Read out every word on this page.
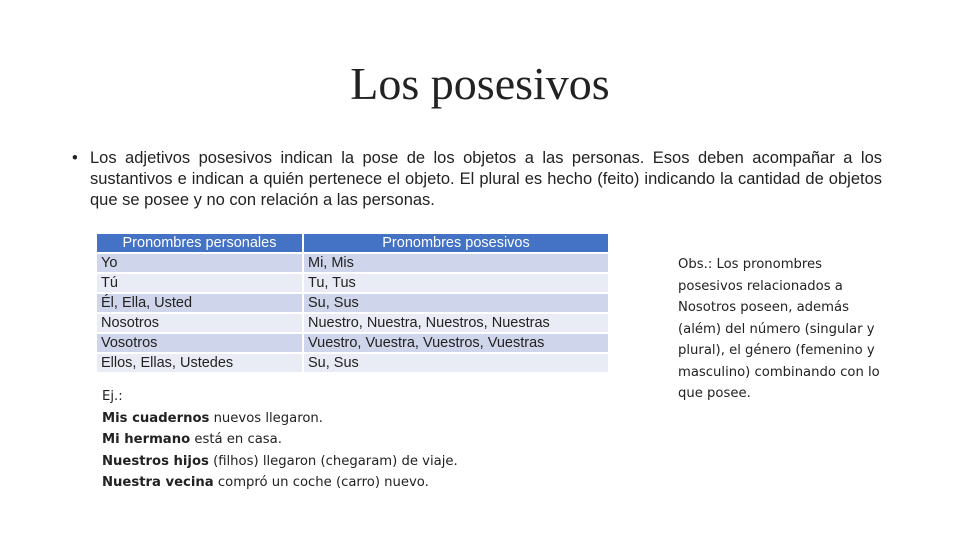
Los posesivos
• Los adjetivos posesivos indican la pose de los objetos a las personas. Esos deben acompañar a los sustantivos e indican a quién pertenece el objeto. El plural es hecho (feito) indicando la cantidad de objetos que se posee y no con relación a las personas.
Pronombres personales	Pronombres posesivos
Yo	Mi, Mis
Tú	Tu, Tus
Él, Ella, Usted	Su, Sus
Nosotros	Nuestro, Nuestra, Nuestros, Nuestras
Vosotros	Vuestro, Vuestra, Vuestros, Vuestras
Ellos, Ellas, Ustedes	Su, Sus
Ej.:
Mis cuadernos nuevos llegaron.
Mi hermano está en casa.
Nuestros hijos (filhos) llegaron (chegaram) de viaje.
Nuestra vecina compró un coche (carro) nuevo.
Obs.: Los pronombres posesivos relacionados a Nosotros poseen, además (além) del número (singular y plural), el género (femenino y masculino) combinando con lo que posee.
